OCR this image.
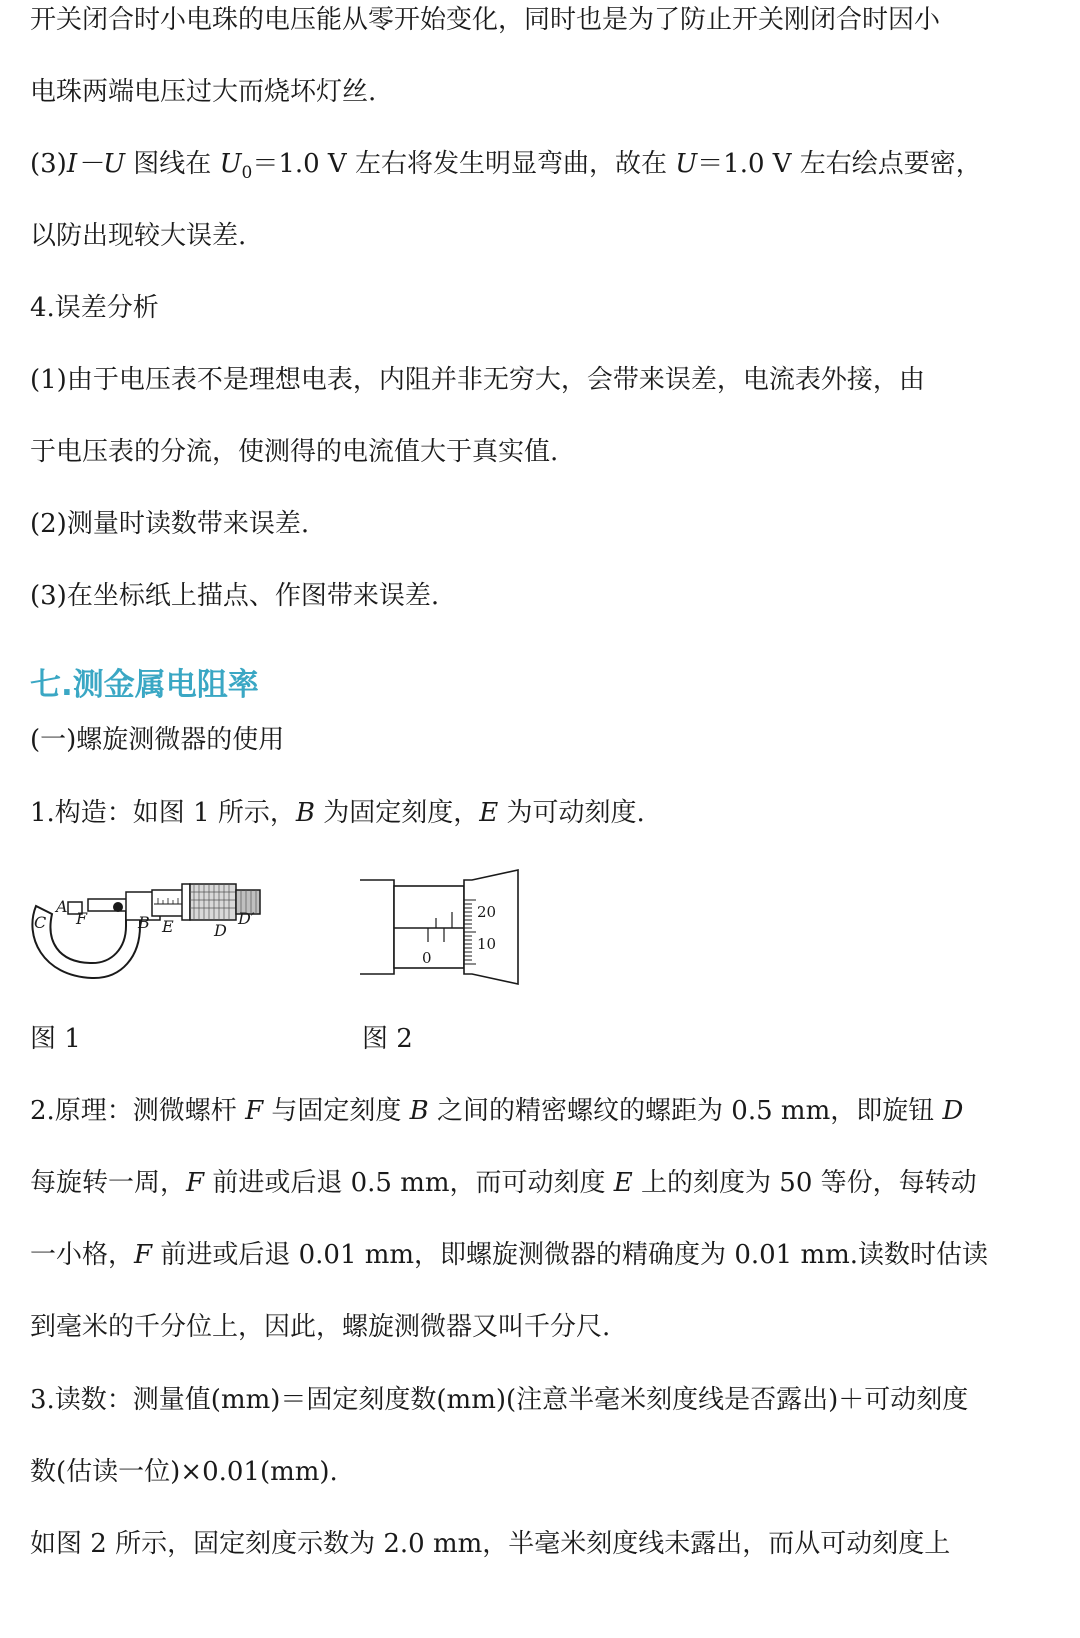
开关闭合时小电珠的电压能从零开始变化，同时也是为了防止开关刚闭合时因小
电珠两端电压过大而烧坏灯丝.
(3)I－U 图线在 $U_0=1.0$ V 左右将发生明显弯曲，故在 U＝1.0 V 左右绘点要密，
以防出现较大误差.
4.误差分析
(1)由于电压表不是理想电表，内阻并非无穷大，会带来误差，电流表外接，由
于电压表的分流，使测得的电流值大于真实值.
(2)测量时读数带来误差.
(3)在坐标纸上描点、作图带来误差.
七.测金属电阻率
(一)螺旋测微器的使用
1.构造：如图 1 所示，B 为固定刻度，E 为可动刻度.
C
A
F	B E	D
D′	20
10
0
图 1	图 2
2.原理：测微螺杆 F 与固定刻度 B 之间的精密螺纹的螺距为 0.5 mm，即旋钮 D
每旋转一周，F 前进或后退 0.5 mm，而可动刻度 E 上的刻度为 50 等份，每转动
一小格，F 前进或后退 0.01 mm，即螺旋测微器的精确度为 0.01 mm.读数时估读
到毫米的千分位上，因此，螺旋测微器又叫千分尺.
3.读数：测量值(mm)＝固定刻度数(mm)(注意半毫米刻度线是否露出)＋可动刻度
数(估读一位)×0.01(mm).
如图 2 所示，固定刻度示数为 2.0 mm，半毫米刻度线未露出，而从可动刻度上
